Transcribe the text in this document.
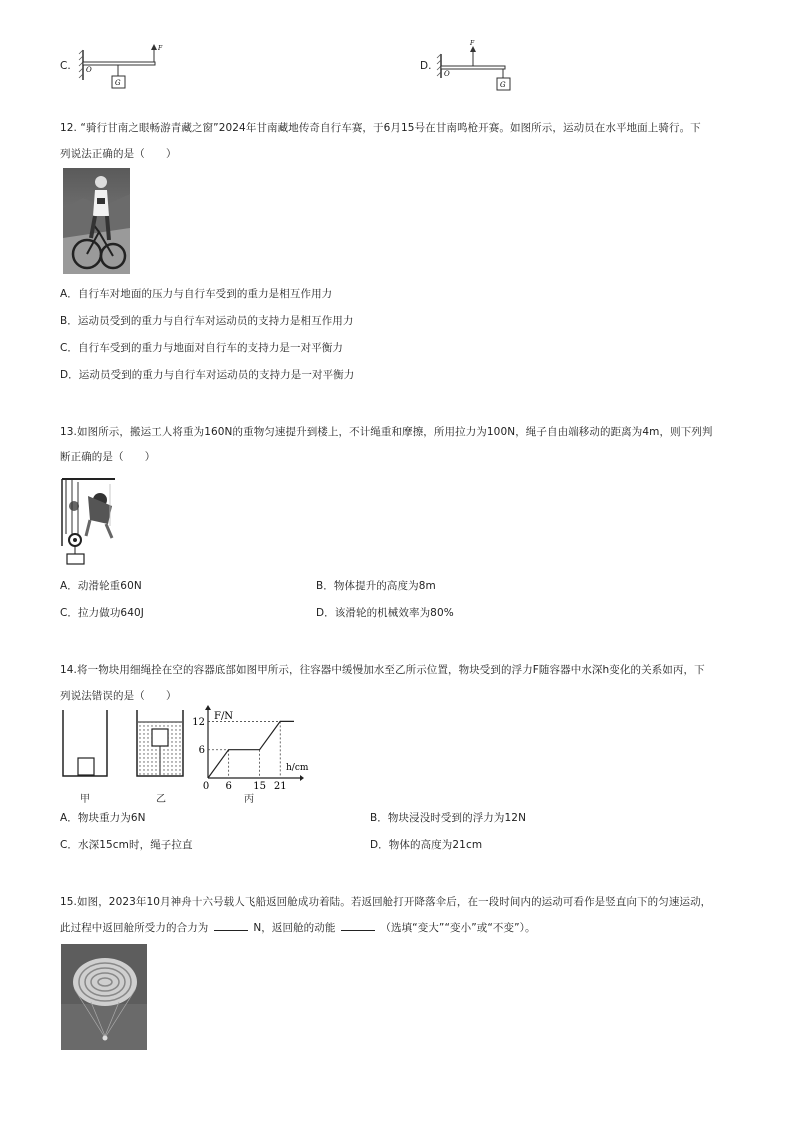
C.
F
O
G
D.
F
O
G
12. “骑行甘南之眼畅游青藏之窗”2024年甘南藏地传奇自行车赛，于6月15号在甘南鸣枪开赛。如图所示，运动员在水平地面上骑行。下
列说法正确的是（　　）
A．自行车对地面的压力与自行车受到的重力是相互作用力
B．运动员受到的重力与自行车对运动员的支持力是相互作用力
C．自行车受到的重力与地面对自行车的支持力是一对平衡力
D．运动员受到的重力与自行车对运动员的支持力是一对平衡力
13.如图所示，搬运工人将重为160N的重物匀速提升到楼上，不计绳重和摩擦，所用拉力为100N，绳子自由端移动的距离为4m，则下列判
断正确的是（　　）
A．动滑轮重60N	B．物体提升的高度为8m
C．拉力做功640J	D．该滑轮的机械效率为80%
14.将一物块用细绳拴在空的容器底部如图甲所示，往容器中缓慢加水至乙所示位置，物块受到的浮力F随容器中水深h变化的关系如丙，下
列说法错误的是（　　）
F/N
h/cm
0 6 15 21
6
12
甲	乙	丙
A．物块重力为6N	B．物块浸没时受到的浮力为12N
C．水深15cm时，绳子拉直	D．物体的高度为21cm
15.如图，2023年10月神舟十六号载人飞船返回舱成功着陆。若返回舱打开降落伞后，在一段时间内的运动可看作是竖直向下的匀速运动，
此过程中返回舱所受力的合力为	N，返回舱的动能	（选填“变大”“变小”或“不变”）。
